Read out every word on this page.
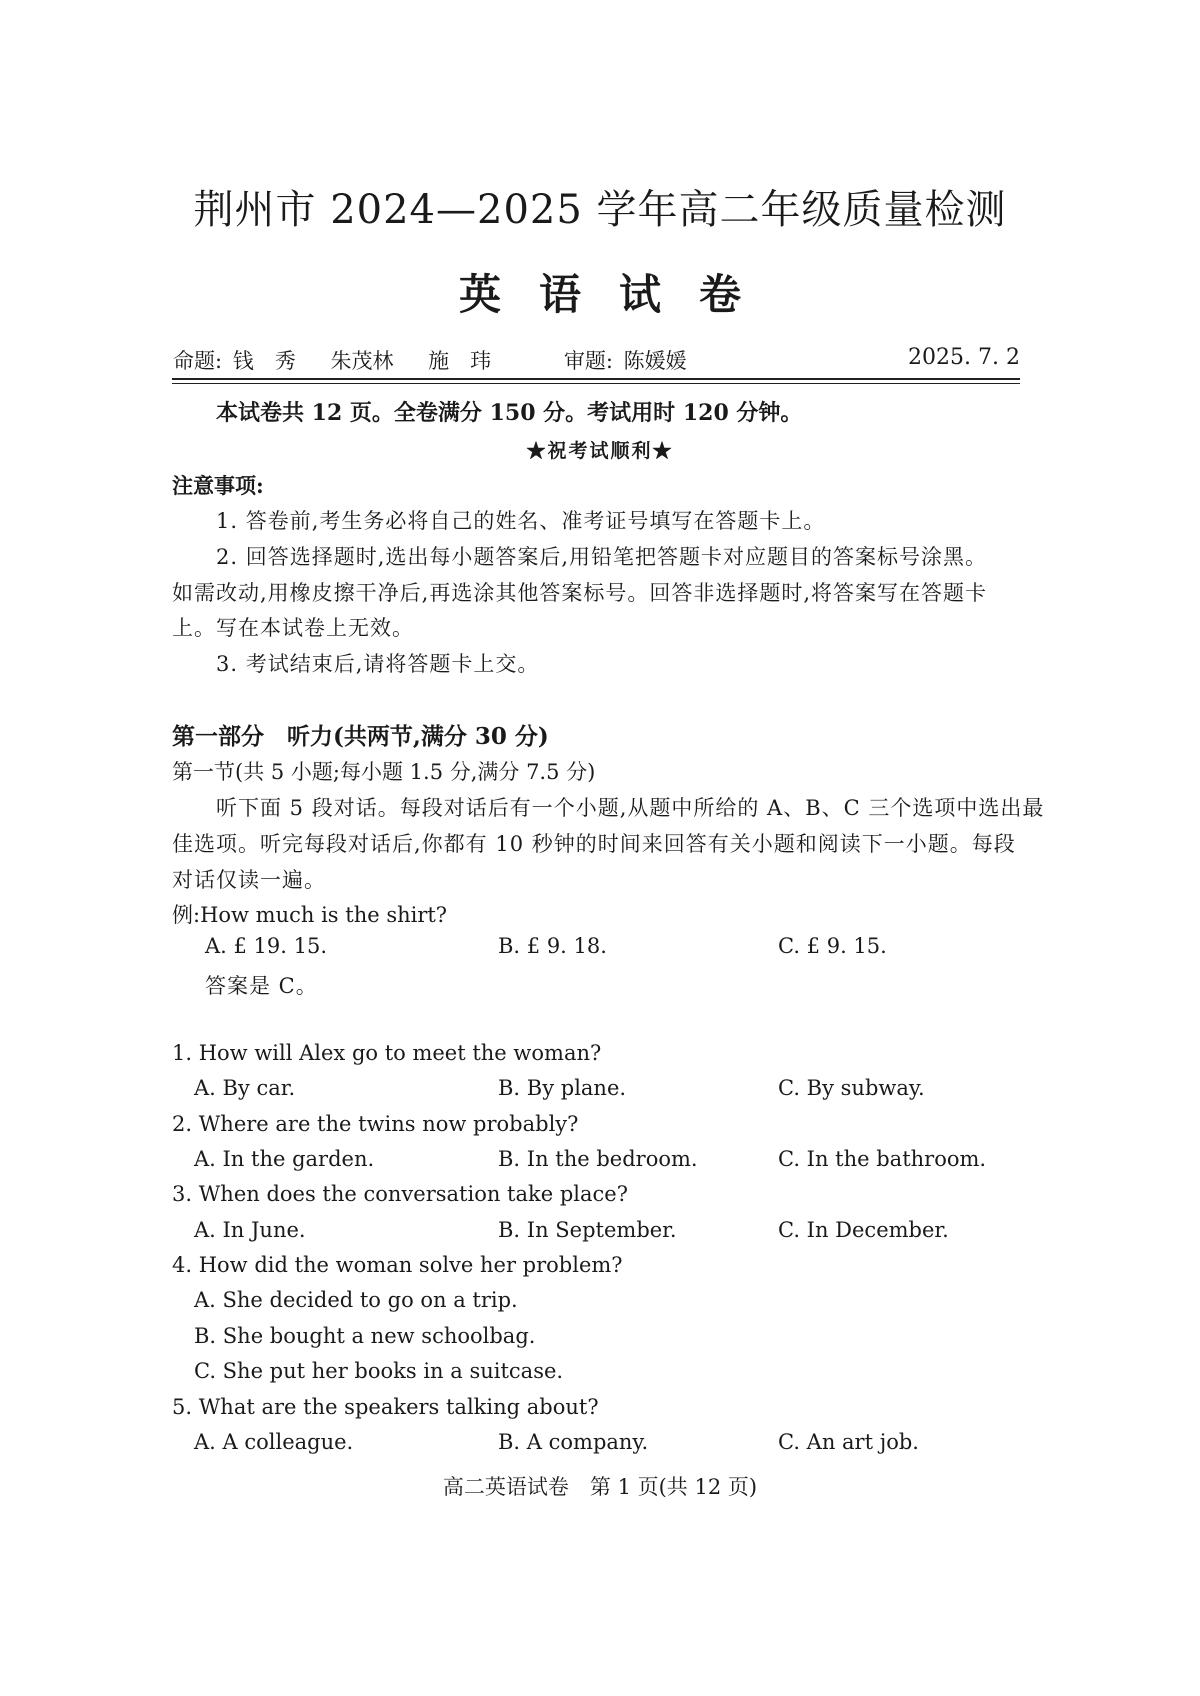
荆州市 2024—2025 学年高二年级质量检测
英语试卷
命题: 钱　秀 朱茂林 施　玮	审题: 陈媛媛	2025. 7. 2
本试卷共 12 页。全卷满分 150 分。考试用时 120 分钟。
★祝考试顺利★
注意事项:
1. 答卷前,考生务必将自己的姓名、准考证号填写在答题卡上。
2. 回答选择题时,选出每小题答案后,用铅笔把答题卡对应题目的答案标号涂黑。
如需改动,用橡皮擦干净后,再选涂其他答案标号。回答非选择题时,将答案写在答题卡
上。写在本试卷上无效。
3. 考试结束后,请将答题卡上交。
第一部分　听力(共两节,满分 30 分)
第一节(共 5 小题;每小题 1.5 分,满分 7.5 分)
听下面 5 段对话。每段对话后有一个小题,从题中所给的 A、B、C 三个选项中选出最
佳选项。听完每段对话后,你都有 10 秒钟的时间来回答有关小题和阅读下一小题。每段
对话仅读一遍。
例:How much is the shirt?
A. £ 19. 15.	B. £ 9. 18.	C. £ 9. 15.
答案是 C。
1. How will Alex go to meet the woman?
A. By car.	B. By plane.	C. By subway.
2. Where are the twins now probably?
A. In the garden.	B. In the bedroom.	C. In the bathroom.
3. When does the conversation take place?
A. In June.	B. In September.	C. In December.
4. How did the woman solve her problem?
A. She decided to go on a trip.
B. She bought a new schoolbag.
C. She put her books in a suitcase.
5. What are the speakers talking about?
A. A colleague.	B. A company.	C. An art job.
高二英语试卷　第 1 页(共 12 页)
